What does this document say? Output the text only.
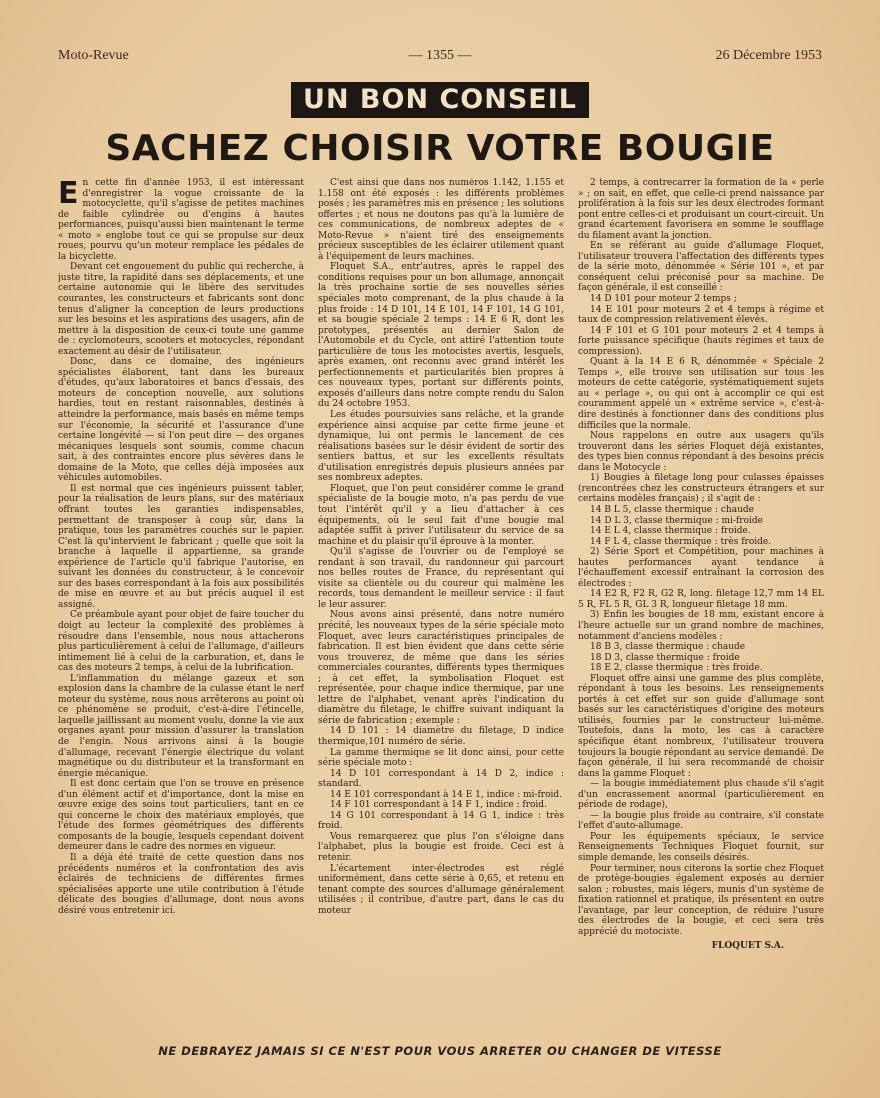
Moto-Revue	— 1355 —	26 Décembre 1953
UN BON CONSEIL
SACHEZ CHOISIR VOTRE BOUGIE
E n cette fin d'année 1953, il est intéressant d'enregistrer la vogue croissante de la motocyclette, qu'il s'agisse de petites machines de faible cylindrée ou d'engins à hautes performances, puisqu'aussi bien maintenant le terme « moto » englobe tout ce qui se propulse sur deux roues, pourvu qu'un moteur remplace les pédales de la bicyclette.

Devant cet engouement du public qui recherche, à juste titre, la rapidité dans ses déplacements, et une certaine autonomie qui le libère des servitudes courantes, les constructeurs et fabricants sont donc tenus d'aligner la conception de leurs productions sur les besoins et les aspirations des usagers, afin de mettre à la disposition de ceux-ci toute une gamme de : cyclomoteurs, scooters et motocycles, répondant exactement au désir de l'utilisateur.

Donc, dans ce domaine, des ingénieurs spécialistes élaborent, tant dans les bureaux d'études, qu'aux laboratoires et bancs d'essais, des moteurs de conception nouvelle, aux solutions hardies, tout en restant raisonnables, destinés à atteindre la performance, mais basés en même temps sur l'économie, la sécurité et l'assurance d'une certaine longévité — si l'on peut dire — des organes mécaniques lesquels sont soumis, comme chacun sait, à des contraintes encore plus sévères dans le domaine de la Moto, que celles déjà imposées aux véhicules automobiles.

Il est normal que ces ingénieurs puissent tabler, pour la réalisation de leurs plans, sur des matériaux offrant toutes les garanties indispensables, permettant de transposer à coup sûr, dans la pratique, tous les paramètres couchés sur le papier. C'est là qu'intervient le fabricant ; quelle que soit la branche à laquelle il appartienne, sa grande expérience de l'article qu'il fabrique l'autorise, en suivant les données du constructeur, à le concevoir sur des bases correspondant à la fois aux possibilités de mise en œuvre et au but précis auquel il est assigné.

Ce préambule ayant pour objet de faire toucher du doigt au lecteur la complexité des problèmes à résoudre dans l'ensemble, nous nous attacherons plus particulièrement à celui de l'allumage, d'ailleurs intimement lié à celui de la carburation, et, dans le cas des moteurs 2 temps, à celui de la lubrification.

L'inflammation du mélange gazeux et son explosion dans la chambre de la culasse étant le nerf moteur du système, nous nous arrêterons au point où ce phénomène se produit, c'est-à-dire l'étincelle, laquelle jaillissant au moment voulu, donne la vie aux organes ayant pour mission d'assurer la translation de l'engin. Nous arrivons ainsi à la bougie d'allumage, recevant l'énergie électrique du volant magnétique ou du distributeur et la transformant en énergie mécanique.

Il est donc certain que l'on se trouve en présence d'un élément actif et d'importance, dont la mise en œuvre exige des soins tout particuliers, tant en ce qui concerne le choix des matériaux employés, que l'étude des formes géométriques des différents composants de la bougie, lesquels cependant doivent demeurer dans le cadre des normes en vigueur.

Il a déjà été traité de cette question dans nos précédents numéros et la confrontation des avis éclairés de techniciens de différentes firmes spécialisées apporte une utile contribution à l'étude délicate des bougies d'allumage, dont nous avons désiré vous entretenir ici.

C'est ainsi que dans nos numéros 1.142, 1.155 et 1.158 ont été exposés : les différents problèmes posés ; les paramètres mis en présence ; les solutions offertes ; et nous ne doutons pas qu'à la lumière de ces communications, de nombreux adeptes de « Moto-Revue » n'aient tiré des enseignements précieux susceptibles de les éclairer utilement quant à l'équipement de leurs machines.

Floquet S.A., entr'autres, après le rappel des conditions requises pour un bon allumage, annonçait la très prochaine sortie de ses nouvelles séries spéciales moto comprenant, de la plus chaude à la plus froide : 14 D 101, 14 E 101, 14 F 101, 14 G 101, et sa bougie spéciale 2 temps : 14 E 6 R, dont les prototypes, présentés au dernier Salon de l'Automobile et du Cycle, ont attiré l'attention toute particulière de tous les motocistes avertis, lesquels, après examen, ont reconnu avec grand intérêt les perfectionnements et particularités bien propres à ces nouveaux types, portant sur différents points, exposés d'ailleurs dans notre compte rendu du Salon du 24 octobre 1953.

Les études poursuivies sans relâche, et la grande expérience ainsi acquise par cette firme jeune et dynamique, lui ont permis le lancement de ces réalisations basées sur le désir évident de sortir des sentiers battus, et sur les excellents résultats d'utilisation enregistrés depuis plusieurs années par ses nombreux adeptes.

Floquet, que l'on peut considérer comme le grand spécialiste de la bougie moto, n'a pas perdu de vue tout l'intérêt qu'il y a lieu d'attacher à ces équipements, où le seul fait d'une bougie mal adaptée suffit à priver l'utilisateur du service de sa machine et du plaisir qu'il éprouve à la monter.

Qu'il s'agisse de l'ouvrier ou de l'employé se rendant à son travail, du randonneur qui parcourt nos belles routes de France, du représentant qui visite sa clientèle ou du coureur qui malmène les records, tous demandent le meilleur service : il faut le leur assurer.

Nous avons ainsi présenté, dans notre numéro précité, les nouveaux types de la série spéciale moto Floquet, avec leurs caractéristiques principales de fabrication. Il est bien évident que dans cette série vous trouverez, de même que dans les séries commerciales courantes, différents types thermiques ; à cet effet, la symbolisation Floquet est représentée, pour chaque indice thermique, par une lettre de l'alphabet, venant après l'indication du diamètre du filetage, le chiffre suivant indiquant la série de fabrication ; exemple :

14 D 101 : 14 diamètre du filetage, D indice thermique,101 numéro de série.

La gamme thermique se lit donc ainsi, pour cette série spéciale moto :

14 D 101 correspondant à 14 D 2, indice : standard.

14 E 101 correspondant à 14 E 1, indice : mi-froid.

14 F 101 correspondant à 14 F 1, indice : froid.

14 G 101 correspondant à 14 G 1, indice : très froid.

Vous remarquerez que plus l'on s'éloigne dans l'alphabet, plus la bougie est froide. Ceci est à retenir.

L'écartement inter-électrodes est réglé uniformément, dans cette série à 0,65, et retenu en tenant compte des sources d'allumage généralement utilisées ; il contribue, d'autre part, dans le cas du moteur

2 temps, à contrecarrer la formation de la « perle » ; on sait, en effet, que celle-ci prend naissance par prolifération à la fois sur les deux électrodes formant pont entre celles-ci et produisant un court-circuit. Un grand écartement favorisera en somme le soufflage du filament avant la jonction.

En se référant au guide d'allumage Floquet, l'utilisateur trouvera l'affectation des différents types de la série moto, dénommée « Série 101 », et par conséquent celui préconisé pour sa machine. De façon générale, il est conseillé :

14 D 101 pour moteur 2 temps ;

14 E 101 pour moteurs 2 et 4 temps à régime et taux de compression relativement élevés.

14 F 101 et G 101 pour moteurs 2 et 4 temps à forte puissance spécifique (hauts régimes et taux de compression).

Quant à la 14 E 6 R, dénommée « Spéciale 2 Temps », elle trouve son utilisation sur tous les moteurs de cette catégorie, systématiquement sujets au « perlage », ou qui ont à accomplir ce qui est couramment appelé un « extrême service », c'est-à-dire destinés à fonctionner dans des conditions plus difficiles que la normale.

Nous rappelons en outre aux usagers qu'ils trouveront dans les séries Floquet déjà existantes, des types bien connus répondant à des besoins précis dans le Motocycle :

1) Bougies à filetage long pour culasses épaisses (rencontrées chez les constructeurs étrangers et sur certains modèles français) ; il s'agit de :

14 B L 5, classe thermique : chaude

14 D L 3, classe thermique : mi-froide

14 E L 4, classe thermique : froide.

14 F L 4, classe thermique : très froide.

2) Série Sport et Compétition, pour machines à hautes performances ayant tendance à l'échauffement excessif entraînant la corrosion des électrodes :

14 E2 R, F2 R, G2 R, long. filetage 12,7 mm 14 EL 5 R, FL 5 R, GL 3 R, longueur filetage 18 mm.

3) Enfin les bougies de 18 mm, existant encore à l'heure actuelle sur un grand nombre de machines, notamment d'anciens modèles :

18 B 3, classe thermique : chaude

18 D 3, classe thermique : froide

18 E 2, classe thermique : très froide.

Floquet offre ainsi une gamme des plus complète, répondant à tous les besoins. Les renseignements portés à cet effet sur son guide d'allumage sont basés sur les caractéristiques d'origine des moteurs utilisés, fournies par le constructeur lui-même. Toutefois, dans la moto, les cas à caractère spécifique étant nombreux, l'utilisateur trouvera toujours la bougie répondant au service demandé. De façon générale, il lui sera recommandé de choisir dans la gamme Floquet :

— la bougie immédiatement plus chaude s'il s'agit d'un encrassement anormal (particulièrement en période de rodage),

— la bougie plus froide au contraire, s'il constate l'effet d'auto-allumage.

Pour les équipements spéciaux, le service Renseignements Techniques Floquet fournit, sur simple demande, les conseils désirés.

Pour terminer, nous citerons la sortie chez Floquet de protège-bougies également exposés au dernier salon ; robustes, mais légers, munis d'un système de fixation rationnel et pratique, ils présentent en outre l'avantage, par leur conception, de réduire l'usure des électrodes de la bougie, et ceci sera très apprécié du motociste.

FLOQUET S.A.
NE DEBRAYEZ JAMAIS SI CE N'EST POUR VOUS ARRETER OU CHANGER DE VITESSE
